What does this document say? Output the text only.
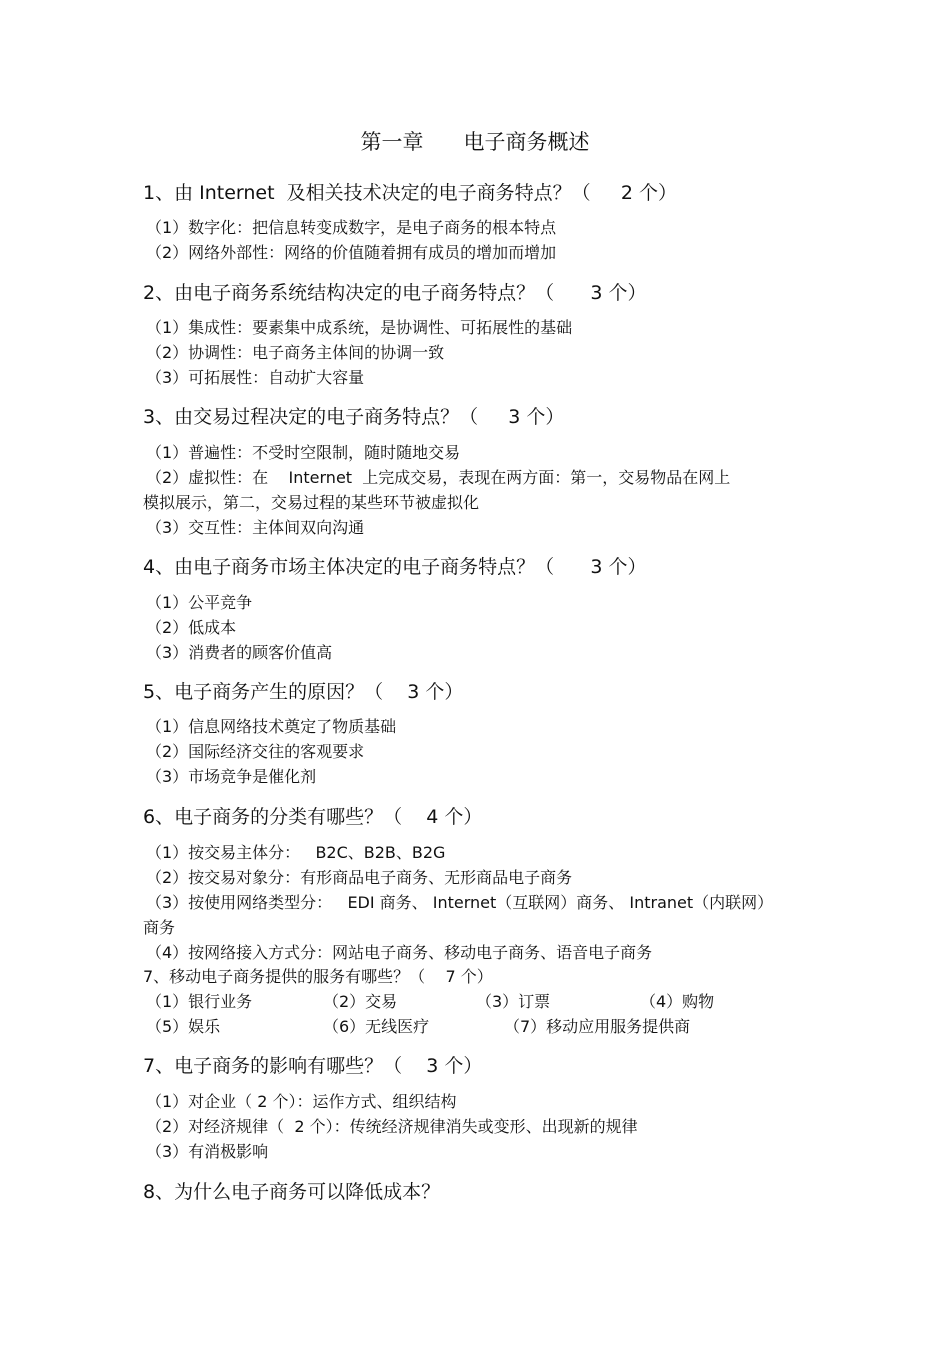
第一章      电子商务概述
1、由 Internet  及相关技术决定的电子商务特点？（     2 个）
（1）数字化：把信息转变成数字，是电子商务的根本特点
（2）网络外部性：网络的价值随着拥有成员的增加而增加
2、由电子商务系统结构决定的电子商务特点？（      3 个）
（1）集成性：要素集中成系统，是协调性、可拓展性的基础
（2）协调性：电子商务主体间的协调一致
（3）可拓展性：自动扩大容量
3、由交易过程决定的电子商务特点？（     3 个）
（1）普遍性：不受时空限制，随时随地交易
（2）虚拟性：在    Internet  上完成交易，表现在两方面：第一，交易物品在网上
模拟展示，第二，交易过程的某些环节被虚拟化
（3）交互性：主体间双向沟通
4、由电子商务市场主体决定的电子商务特点？（      3 个）
（1）公平竞争
（2）低成本
（3）消费者的顾客价值高
5、电子商务产生的原因？（    3 个）
（1）信息网络技术奠定了物质基础
（2）国际经济交往的客观要求
（3）市场竞争是催化剂
6、电子商务的分类有哪些？（    4 个）
（1）按交易主体分：   B2C、B2B、B2G
（2）按交易对象分：有形商品电子商务、无形商品电子商务
（3）按使用网络类型分：   EDI 商务、 Internet（互联网）商务、 Intranet（内联网）
商务
（4）按网络接入方式分：网站电子商务、移动电子商务、语音电子商务
7、移动电子商务提供的服务有哪些？（    7 个）
（1）银行业务	（2）交易	（3）订票	（4）购物
（5）娱乐	（6）无线医疗	（7）移动应用服务提供商
7、电子商务的影响有哪些？（    3 个）
（1）对企业（ 2 个）：运作方式、组织结构
（2）对经济规律（  2 个）：传统经济规律消失或变形、出现新的规律
（3）有消极影响
8、为什么电子商务可以降低成本？
